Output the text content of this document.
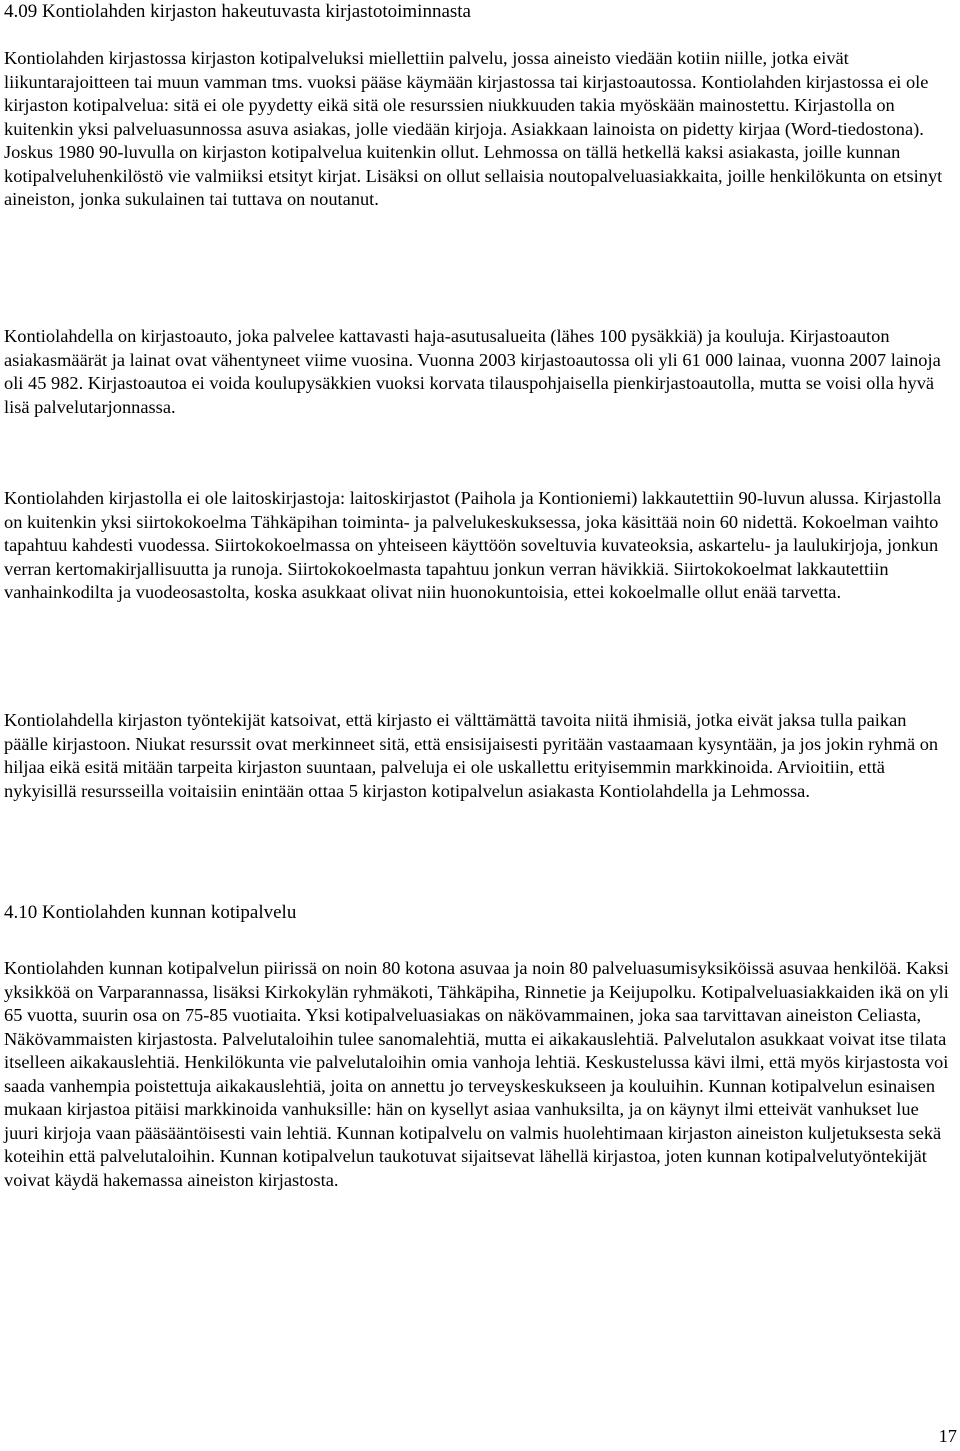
4.09 Kontiolahden kirjaston hakeutuvasta kirjastotoiminnasta

Kontiolahden kirjastossa kirjaston kotipalveluksi miellettiin palvelu, jossa aineisto viedään kotiin niille, jotka eivät liikuntarajoitteen tai muun vamman tms. vuoksi pääse käymään kirjastossa tai kirjastoautossa. Kontiolahden kirjastossa ei ole kirjaston kotipalvelua: sitä ei ole pyydetty eikä sitä ole resurssien niukkuuden takia myöskään mainostettu. Kirjastolla on kuitenkin yksi palveluasunnossa asuva asiakas, jolle viedään kirjoja. Asiakkaan lainoista on pidetty kirjaa (Word-tiedostona). Joskus 1980 90-luvulla on kirjaston kotipalvelua kuitenkin ollut. Lehmossa on tällä hetkellä kaksi asiakasta, joille kunnan kotipalveluhenkilöstö vie valmiiksi etsityt kirjat. Lisäksi on ollut sellaisia noutopalveluasiakkaita, joille henkilökunta on etsinyt aineiston, jonka sukulainen tai tuttava on noutanut.

Kontiolahdella on kirjastoauto, joka palvelee kattavasti haja-asutusalueita (lähes 100 pysäkkiä) ja kouluja. Kirjastoauton asiakasmäärät ja lainat ovat vähentyneet viime vuosina. Vuonna 2003 kirjastoautossa oli yli 61 000 lainaa, vuonna 2007 lainoja oli 45 982. Kirjastoautoa ei voida koulupysäkkien vuoksi korvata tilauspohjaisella pienkirjastoautolla, mutta se voisi olla hyvä lisä palvelutarjonnassa.

Kontiolahden kirjastolla ei ole laitoskirjastoja: laitoskirjastot (Paihola ja Kontioniemi) lakkautettiin 90-luvun alussa. Kirjastolla on kuitenkin yksi siirtokokoelma Tähkäpihan toiminta- ja palvelukeskuksessa, joka käsittää noin 60 nidettä. Kokoelman vaihto tapahtuu kahdesti vuodessa. Siirtokokoelmassa on yhteiseen käyttöön soveltuvia kuvateoksia, askartelu- ja laulukirjoja, jonkun verran kertomakirjallisuutta ja runoja. Siirtokokoelmasta tapahtuu jonkun verran hävikkiä. Siirtokokoelmat lakkautettiin vanhainkodilta ja vuodeosastolta, koska asukkaat olivat niin huonokuntoisia, ettei kokoelmalle ollut enää tarvetta.

Kontiolahdella kirjaston työntekijät katsoivat, että kirjasto ei välttämättä tavoita niitä ihmisiä, jotka eivät jaksa tulla paikan päälle kirjastoon. Niukat resurssit ovat merkinneet sitä, että ensisijaisesti pyritään vastaamaan kysyntään, ja jos jokin ryhmä on hiljaa eikä esitä mitään tarpeita kirjaston suuntaan, palveluja ei ole uskallettu erityisemmin markkinoida. Arvioitiin, että nykyisillä resursseilla voitaisiin enintään ottaa 5 kirjaston kotipalvelun asiakasta Kontiolahdella ja Lehmossa.

4.10 Kontiolahden kunnan kotipalvelu

Kontiolahden kunnan kotipalvelun piirissä on noin 80 kotona asuvaa ja noin 80 palveluasumisyksiköissä asuvaa henkilöä. Kaksi yksikköä on Varparannassa, lisäksi Kirkokylän ryhmäkoti, Tähkäpiha, Rinnetie ja Keijupolku. Kotipalveluasiakkaiden ikä on yli 65 vuotta, suurin osa on 75-85 vuotiaita. Yksi kotipalveluasiakas on näkövammainen, joka saa tarvittavan aineiston Celiasta, Näkövammaisten kirjastosta. Palvelutaloihin tulee sanomalehtiä, mutta ei aikakauslehtiä. Palvelutalon asukkaat voivat itse tilata itselleen aikakauslehtiä. Henkilökunta vie palvelutaloihin omia vanhoja lehtiä. Keskustelussa kävi ilmi, että myös kirjastosta voi saada vanhempia poistettuja aikakauslehtiä, joita on annettu jo terveyskeskukseen ja kouluihin. Kunnan kotipalvelun esinaisen mukaan kirjastoa pitäisi markkinoida vanhuksille: hän on kysellyt asiaa vanhuksilta, ja on käynyt ilmi etteivät vanhukset lue juuri kirjoja vaan pääsääntöisesti vain lehtiä. Kunnan kotipalvelu on valmis huolehtimaan kirjaston aineiston kuljetuksesta sekä koteihin että palvelutaloihin. Kunnan kotipalvelun taukotuvat sijaitsevat lähellä kirjastoa, joten kunnan kotipalvelutyöntekijät voivat käydä hakemassa aineiston kirjastosta.

17
